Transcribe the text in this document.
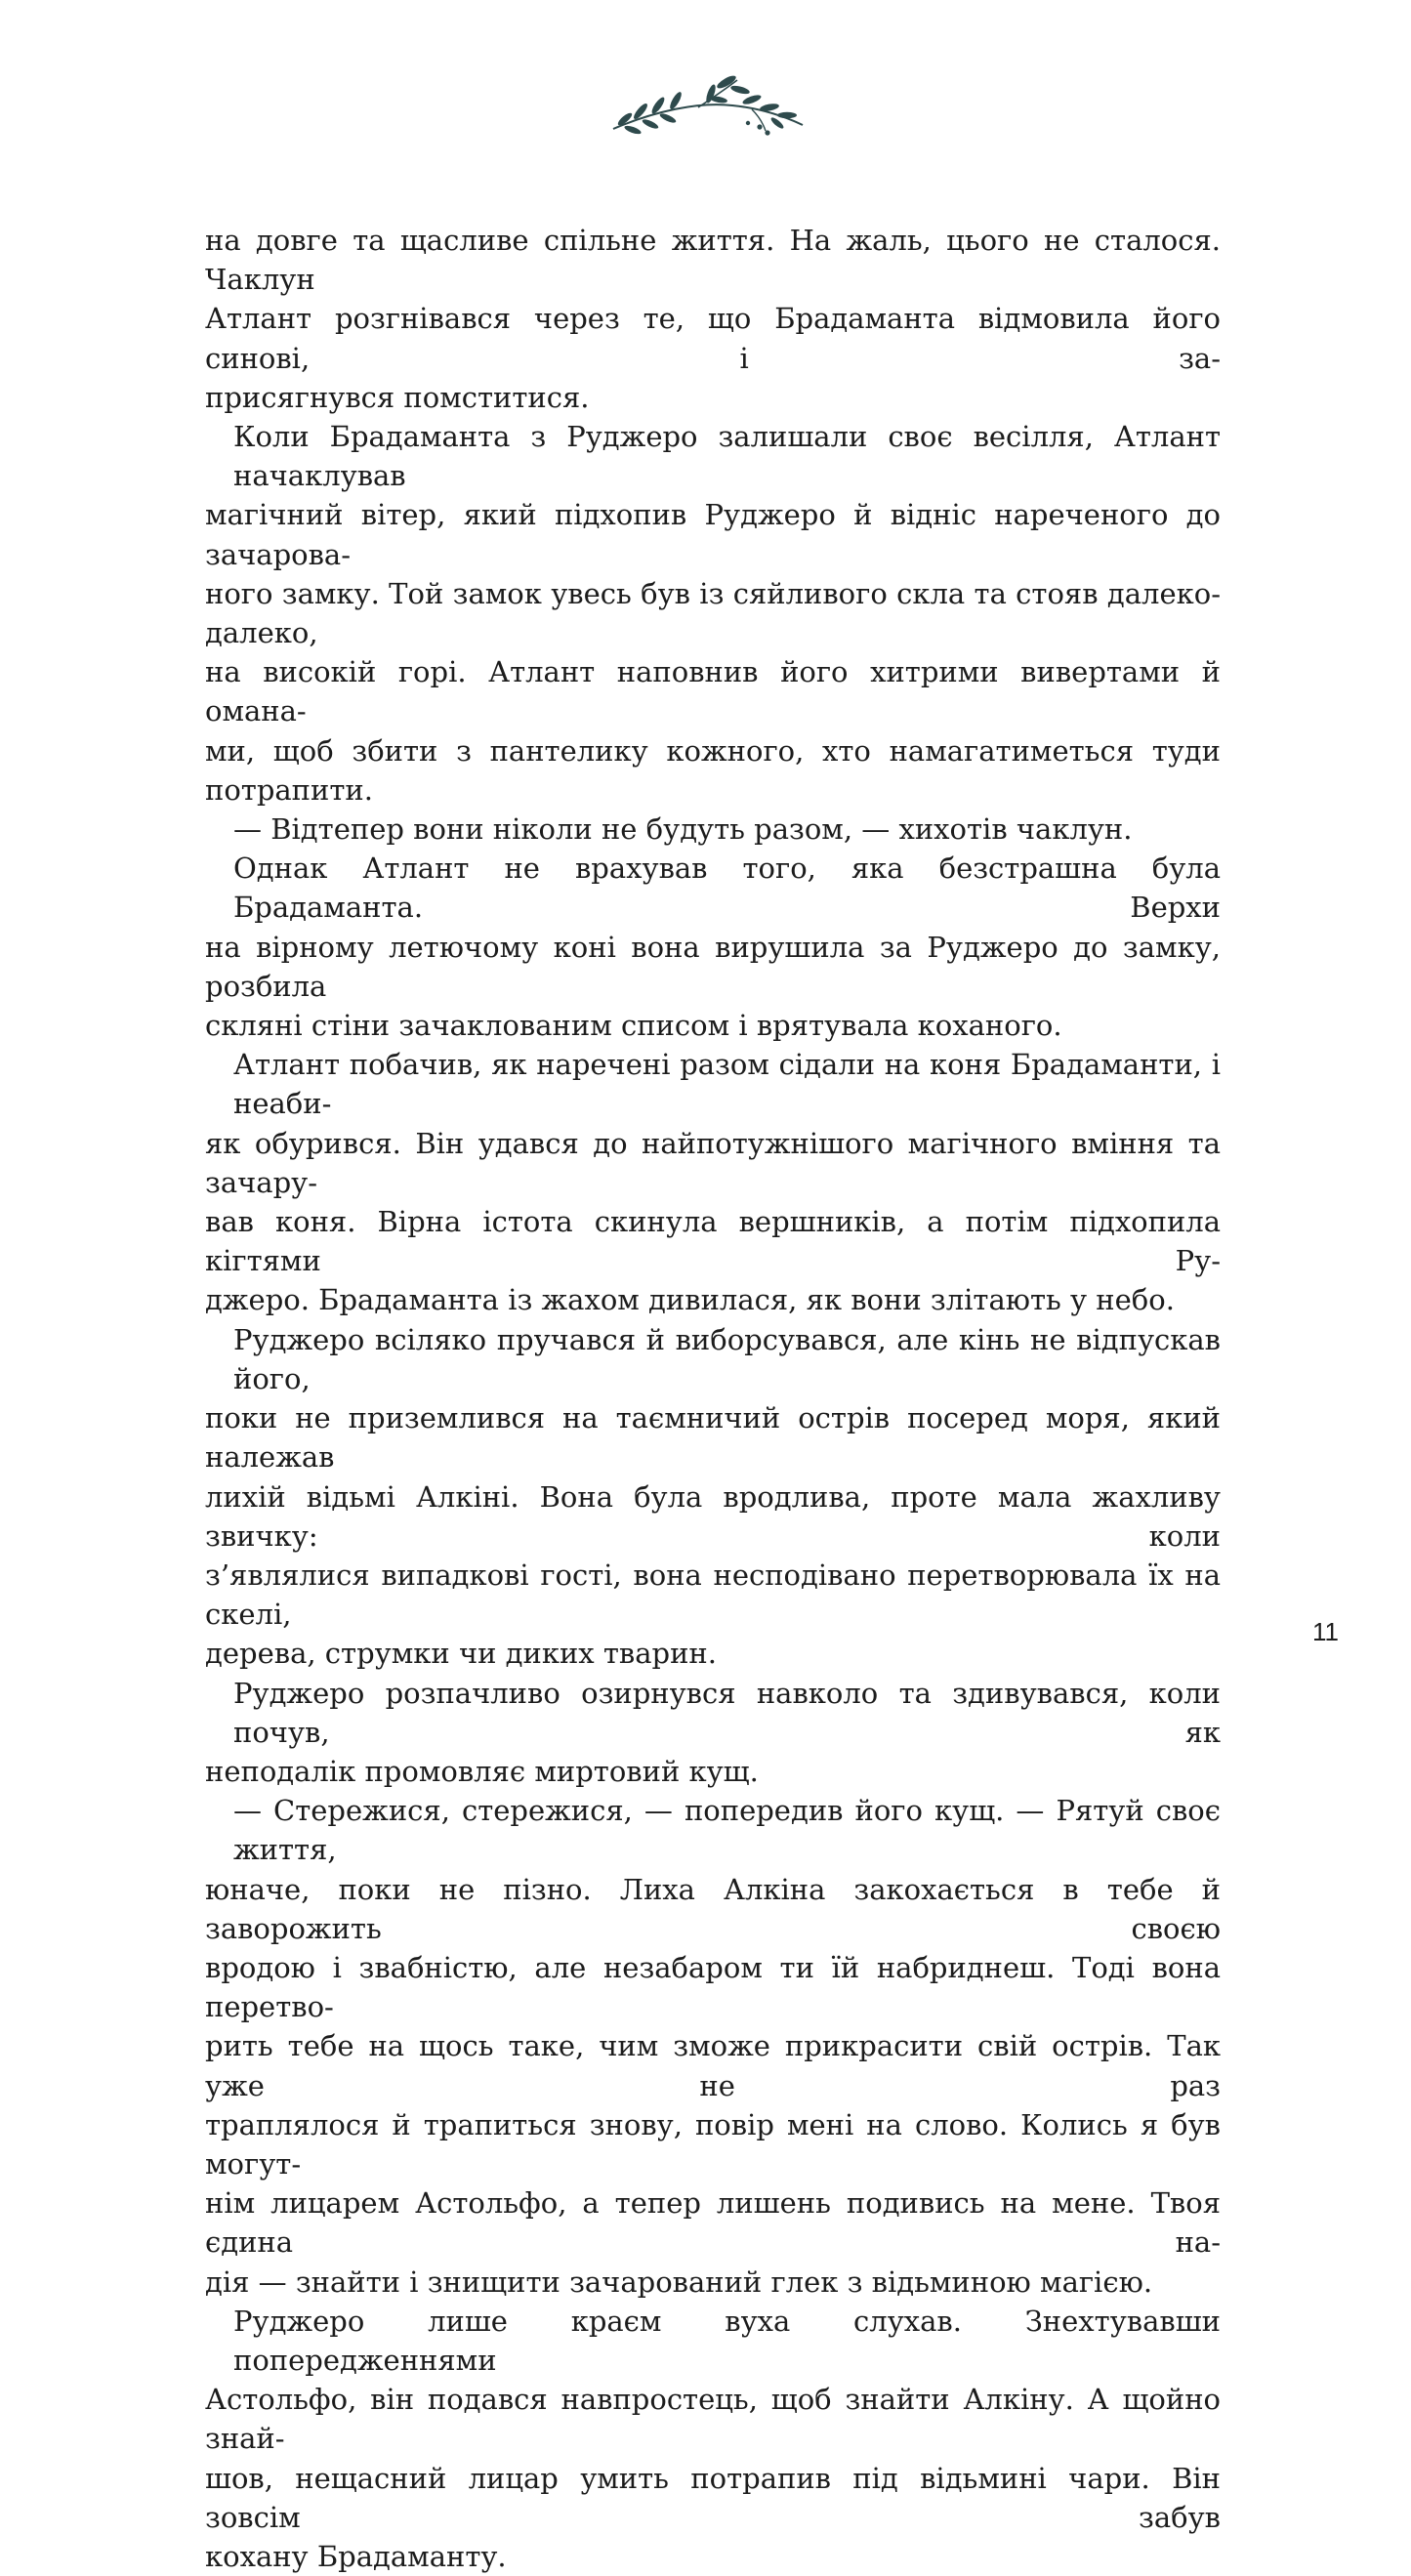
на довге та щасливе спільне життя. На жаль, цього не сталося. Чаклун
Атлант розгнівався через те, що Брадаманта відмовила його синові, і за-
присягнувся помститися.

Коли Брадаманта з Руджеро залишали своє весілля, Атлант начаклував
магічний вітер, який підхопив Руджеро й відніс нареченого до зачарова-
ного замку. Той замок увесь був із сяйливого скла та стояв далеко-далеко,
на високій горі. Атлант наповнив його хитрими вивертами й омана-
ми, щоб збити з пантелику кожного, хто намагатиметься туди потрапити.

— Відтепер вони ніколи не будуть разом, — хихотів чаклун.

Однак Атлант не врахував того, яка безстрашна була Брадаманта. Верхи
на вірному летючому коні вона вирушила за Руджеро до замку, розбила
скляні стіни зачаклованим списом і врятувала коханого.

Атлант побачив, як наречені разом сідали на коня Брадаманти, і неаби-
як обурився. Він удався до найпотужнішого магічного вміння та зачару-
вав коня. Вірна істота скинула вершників, а потім підхопила кігтями Ру-
джеро. Брадаманта із жахом дивилася, як вони злітають у небо.

Руджеро всіляко пручався й виборсувався, але кінь не відпускав його,
поки не приземлився на таємничий острів посеред моря, який належав
лихій відьмі Алкіні. Вона була вродлива, проте мала жахливу звичку: коли
з’являлися випадкові гості, вона несподівано перетворювала їх на скелі,
дерева, струмки чи диких тварин.

Руджеро розпачливо озирнувся навколо та здивувався, коли почув, як
неподалік промовляє миртовий кущ.

— Стережися, стережися, — попередив його кущ. — Рятуй своє життя,
юначе, поки не пізно. Лиха Алкіна закохається в тебе й заворожить своєю
вродою і звабністю, але незабаром ти їй набриднеш. Тоді вона перетво-
рить тебе на щось таке, чим зможе прикрасити свій острів. Так уже не раз
траплялося й трапиться знову, повір мені на слово. Колись я був могут-
нім лицарем Астольфо, а тепер лишень подивись на мене. Твоя єдина на-
дія — знайти і знищити зачарований глек з відьминою магією.

Руджеро лише краєм вуха слухав. Знехтувавши попередженнями
Астольфо, він подався навпростець, щоб знайти Алкіну. А щойно знай-
шов, нещасний лицар умить потрапив під відьмині чари. Він зовсім забув
кохану Брадаманту.

11
